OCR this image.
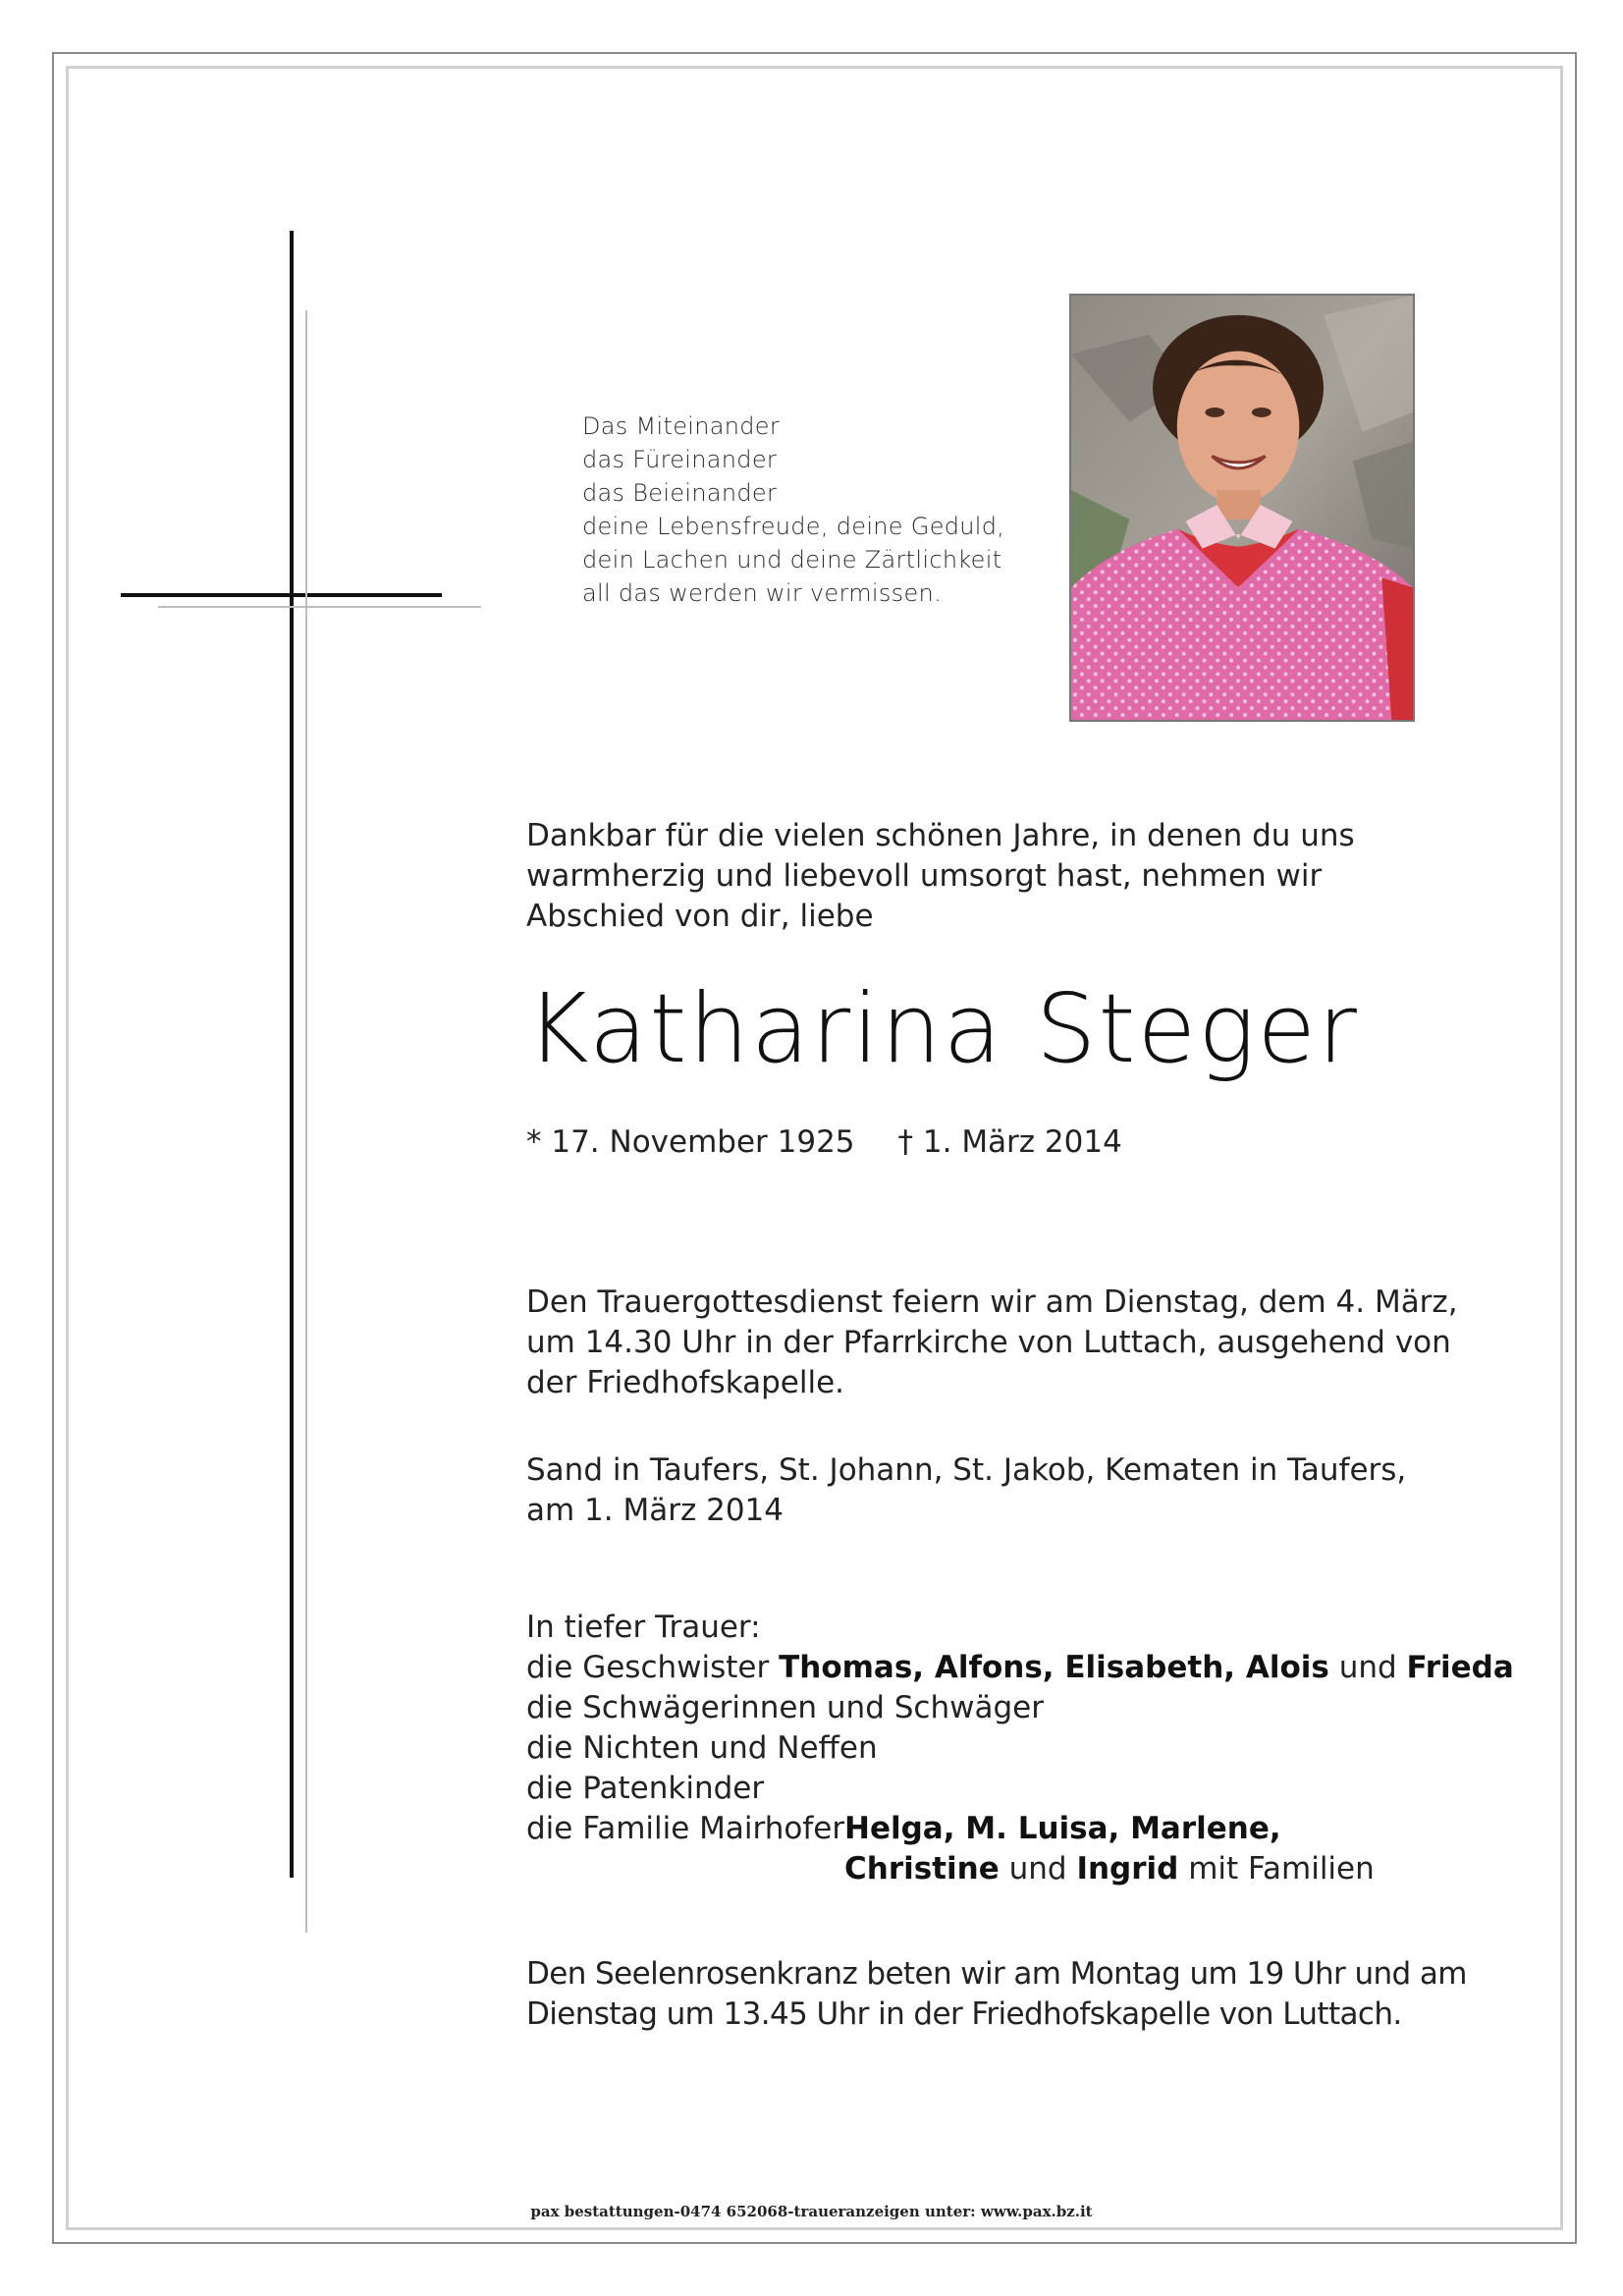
Das Miteinander
das Füreinander
das Beieinander
deine Lebensfreude, deine Geduld,
dein Lachen und deine Zärtlichkeit
all das werden wir vermissen.
Dankbar für die vielen schönen Jahre, in denen du uns
warmherzig und liebevoll umsorgt hast, nehmen wir
Abschied von dir, liebe
Katharina Steger
* 17. November 1925 † 1. März 2014
Den Trauergottesdienst feiern wir am Dienstag, dem 4. März,
um 14.30 Uhr in der Pfarrkirche von Luttach, ausgehend von
der Friedhofskapelle.
Sand in Taufers, St. Johann, St. Jakob, Kematen in Taufers,
am 1. März 2014
In tiefer Trauer:
die Geschwister Thomas, Alfons, Elisabeth, Alois und Frieda
die Schwägerinnen und Schwäger
die Nichten und Neffen
die Patenkinder
die Familie MairhoferHelga, M. Luisa, Marlene,
Christine und Ingrid mit Familien
Den Seelenrosenkranz beten wir am Montag um 19 Uhr und am
Dienstag um 13.45 Uhr in der Friedhofskapelle von Luttach.
pax bestattungen-0474 652068-traueranzeigen unter: www.pax.bz.it
